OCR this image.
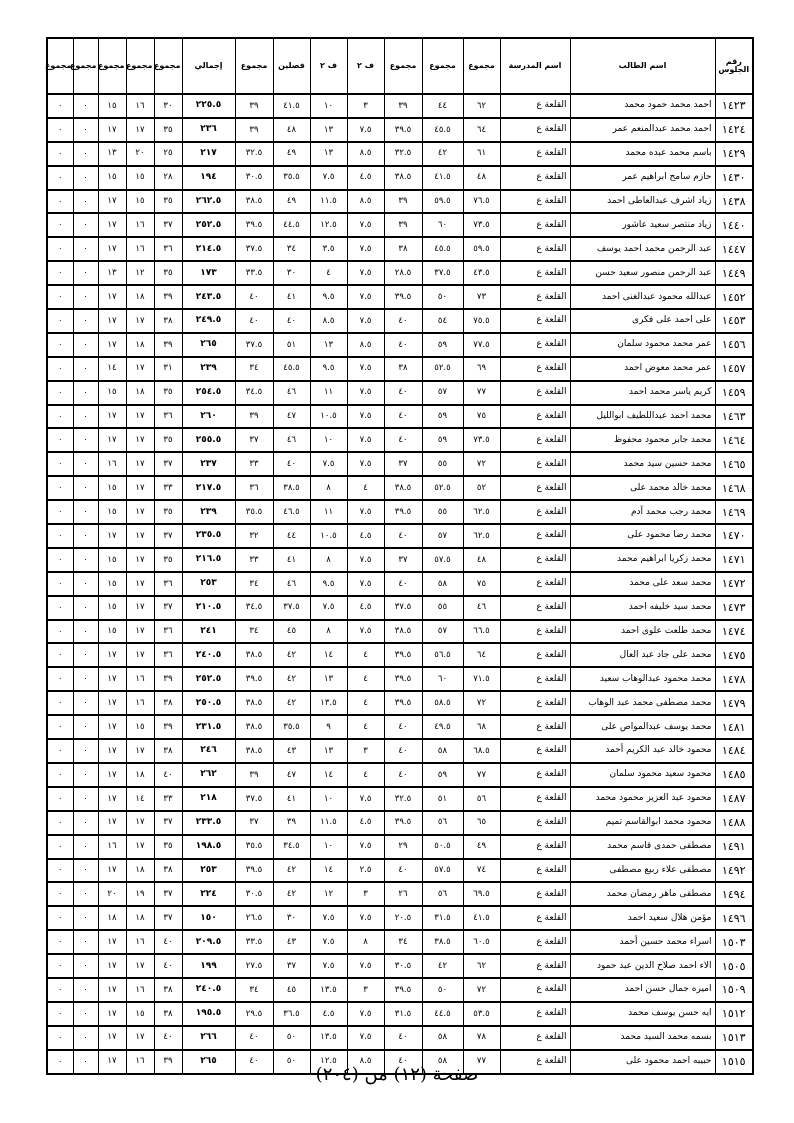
رقم الجلوس	اسم الطالب	اسم المدرسة	مجموع	مجموع	مجموع	ف ٢	ف ٢	فصلين	مجموع	إجمالي	مجموع	مجموع	مجموع	مجموع	مجموع
١٤٢٣	احمد محمد حمود محمد	القلعة ع	٦٢	٤٤	٣٩	٣	١٠	٤١.٥	٣٩	٢٢٥.٥	٣٠	١٦	١٥	٠	٠
١٤٢٤	احمد محمد عبدالمنعم عمر	القلعة ع	٦٤	٤٥.٥	٣٩.٥	٧.٥	١٣	٤٨	٣٩	٢٣٦	٣٥	١٧	١٧	٠	٠
١٤٢٩	باسم محمد عبده محمد	القلعة ع	٦١	٤٢	٣٢.٥	٨.٥	١٣	٤٩	٣٢.٥	٢١٧	٢٥	٢٠	١٣	٠	٠
١٤٣٠	حازم سامح ابراهيم عمر	القلعة ع	٤٨	٤١.٥	٣٨.٥	٤.٥	٧.٥	٣٥.٥	٣٠.٥	١٩٤	٢٨	١٥	١٥	٠	٠
١٤٣٨	زياد اشرف عبدالعاطى احمد	القلعة ع	٧٦.٥	٥٩.٥	٣٩	٨.٥	١١.٥	٤٩	٣٨.٥	٢٦٢.٥	٣٥	١٥	١٧	٠	٠
١٤٤٠	زياد منتصر سعيد عاشور	القلعة ع	٧٣.٥	٦٠	٣٩	٧.٥	١٢.٥	٤٤.٥	٣٩.٥	٢٥٢.٥	٣٧	١٦	١٧	٠	٠
١٤٤٧	عبد الرحمن محمد احمد يوسف	القلعة ع	٥٩.٥	٤٥.٥	٣٨	٧.٥	٣.٥	٣٤	٣٧.٥	٢١٤.٥	٣٦	١٦	١٧	٠	٠
١٤٤٩	عبد الرحمن منصور سعيد حسن	القلعة ع	٤٣.٥	٣٧.٥	٢٨.٥	٧.٥	٤	٣٠	٣٣.٥	١٧٣	٣٥	١٢	١٣	٠	٠
١٤٥٢	عبدالله محمود عبدالغنى احمد	القلعة ع	٧٣	٥٠	٣٩.٥	٧.٥	٩.٥	٤١	٤٠	٢٤٣.٥	٣٩	١٨	١٧	٠	٠
١٤٥٣	على احمد على فكرى	القلعة ع	٧٥.٥	٥٤	٤٠	٧.٥	٨.٥	٤٠	٤٠	٢٤٩.٥	٣٨	١٧	١٧	٠	٠
١٤٥٦	عمر محمد محمود سلمان	القلعة ع	٧٧.٥	٥٩	٤٠	٨.٥	١٣	٥١	٣٧.٥	٢٦٥	٣٩	١٨	١٧	٠	٠
١٤٥٧	عمر محمد معوض احمد	القلعة ع	٦٩	٥٢.٥	٣٨	٧.٥	٩.٥	٤٥.٥	٣٤	٢٣٩	٣١	١٧	١٤	٠	٠
١٤٥٩	كريم ياسر محمد احمد	القلعة ع	٧٧	٥٧	٤٠	٧.٥	١١	٤٦	٣٤.٥	٢٥٤.٥	٣٥	١٨	١٥	٠	٠
١٤٦٣	محمد احمد عبداللطيف ابوالليل	القلعة ع	٧٥	٥٩	٤٠	٧.٥	١٠.٥	٤٧	٣٩	٢٦٠	٣٦	١٧	١٧	٠	٠
١٤٦٤	محمد جابر محمود محفوظ	القلعة ع	٧٣.٥	٥٩	٤٠	٧.٥	١٠	٤٦	٣٧	٢٥٥.٥	٣٥	١٧	١٧	٠	٠
١٤٦٥	محمد حسين سيد محمد	القلعة ع	٧٢	٥٥	٣٧	٧.٥	٧.٥	٤٠	٣٣	٢٣٧	٣٧	١٧	١٦	٠	٠
١٤٦٨	محمد خالد محمد على	القلعة ع	٥٢	٥٢.٥	٣٨.٥	٤	٨	٣٨.٥	٣٦	٢١٧.٥	٣٣	١٧	١٥	٠	٠
١٤٦٩	محمد رجب محمد آدم	القلعة ع	٦٢.٥	٥٥	٣٩.٥	٧.٥	١١	٤٦.٥	٣٥.٥	٢٣٩	٣٥	١٧	١٥	٠	٠
١٤٧٠	محمد رضا محمود على	القلعة ع	٦٢.٥	٥٧	٤٠	٤.٥	١٠.٥	٤٤	٣٢	٢٣٥.٥	٣٧	١٧	١٧	٠	٠
١٤٧١	محمد زكريا ابراهيم محمد	القلعة ع	٤٨	٥٧.٥	٣٧	٧.٥	٨	٤١	٣٣	٢١٦.٥	٣٥	١٧	١٥	٠	٠
١٤٧٢	محمد سعد على محمد	القلعة ع	٧٥	٥٨	٤٠	٧.٥	٩.٥	٤٦	٣٤	٢٥٣	٣٦	١٧	١٥	٠	٠
١٤٧٣	محمد سيد خليفه احمد	القلعة ع	٤٦	٥٥	٣٧.٥	٤.٥	٧.٥	٣٧.٥	٣٤.٥	٢١٠.٥	٣٧	١٧	١٥	٠	٠
١٤٧٤	محمد طلعت علوى احمد	القلعة ع	٦٦.٥	٥٧	٣٨.٥	٧.٥	٨	٤٥	٣٤	٢٤١	٣٦	١٧	١٥	٠	٠
١٤٧٥	محمد على جاد عبد العال	القلعة ع	٦٤	٥٦.٥	٣٩.٥	٤	١٤	٤٢	٣٨.٥	٢٤٠.٥	٣٦	١٧	١٧	٠	٠
١٤٧٨	محمد محمود عبدالوهاب سعيد	القلعة ع	٧١.٥	٦٠	٣٩.٥	٤	١٣	٤٢	٣٩.٥	٢٥٢.٥	٣٩	١٦	١٧	٠	٠
١٤٧٩	محمد مصطفى محمد عبد الوهاب	القلعة ع	٧٢	٥٨.٥	٣٩.٥	٤	١٣.٥	٤٢	٣٨.٥	٢٥٠.٥	٣٨	١٦	١٧	٠	٠
١٤٨١	محمد يوسف عبدالمواص على	القلعة ع	٦٨	٤٩.٥	٤٠	٤	٩	٣٥.٥	٣٨.٥	٢٣١.٥	٣٩	١٥	١٧	٠	٠
١٤٨٤	محمود خالد عبد الكريم أحمد	القلعة ع	٦٨.٥	٥٨	٤٠	٣	١٣	٤٣	٣٨.٥	٢٤٦	٣٨	١٧	١٧	٠	٠
١٤٨٥	محمود سعيد محمود سلمان	القلعة ع	٧٧	٥٩	٤٠	٤	١٤	٤٧	٣٩	٢٦٢	٤٠	١٨	١٧	٠	٠
١٤٨٧	محمود عبد العزيز محمود محمد	القلعة ع	٥٦	٥١	٣٢.٥	٧.٥	١٠	٤١	٣٧.٥	٢١٨	٣٣	١٤	١٧	٠	٠
١٤٨٨	محمود محمد ابوالقاسم تميم	القلعة ع	٦٥	٥٦	٣٩.٥	٤.٥	١١.٥	٣٩	٣٧	٢٣٣.٥	٣٧	١٧	١٧	٠	٠
١٤٩١	مصطفى حمدى قاسم محمد	القلعة ع	٤٩	٥٠.٥	٢٩	٧.٥	١٠	٣٤.٥	٣٥.٥	١٩٨.٥	٣٥	١٧	١٦	٠	٠
١٤٩٢	مصطفى علاء ربيع مصطفى	القلعة ع	٧٤	٥٧.٥	٤٠	٢.٥	١٤	٤٢	٣٩.٥	٢٥٣	٣٨	١٨	١٧	٠	٠
١٤٩٤	مصطفى ماهر رمضان محمد	القلعة ع	٦٩.٥	٥٦	٢٦	٣	١٢	٤٢	٣٠.٥	٢٢٤	٣٧	١٩	٢٠	٠	٠
١٤٩٦	مؤمن هلال سعيد احمد	القلعة ع	٤١.٥	٣١.٥	٢٠.٥	٧.٥	٧.٥	٣٠	٢٦.٥	١٥٠	٣٧	١٨	١٨	٠	٠
١٥٠٣	اسراء محمد حسين أحمد	القلعة ع	٦٠.٥	٣٨.٥	٣٤	٨	٧.٥	٤٣	٣٣.٥	٢٠٩.٥	٤٠	١٦	١٧	٠	٠
١٥٠٥	الاء احمد صلاح الدين عبد حمود	القلعة ع	٦٢	٤٢	٣٠.٥	٧.٥	٧.٥	٣٧	٢٧.٥	١٩٩	٤٠	١٧	١٧	٠	٠
١٥٠٩	اميره جمال حسن احمد	القلعة ع	٧٢	٥٠	٣٩.٥	٣	١٣.٥	٤٥	٣٤	٢٤٠.٥	٣٨	١٦	١٧	٠	٠
١٥١٢	ايه حسن يوسف محمد	القلعة ع	٥٣.٥	٤٤.٥	٣١.٥	٧.٥	٤.٥	٣٦.٥	٢٩.٥	١٩٥.٥	٣٨	١٥	١٧	٠	٠
١٥١٣	بسمه محمد السيد محمد	القلعة ع	٧٨	٥٨	٤٠	٧.٥	١٣.٥	٥٠	٤٠	٢٦٦	٤٠	١٧	١٧	٠	٠
١٥١٥	حبيبه احمد محمود على	القلعة ع	٧٧	٥٨	٤٠	٨.٥	١٢.٥	٥٠	٤٠	٢٦٥	٣٩	١٦	١٧	٠	٠
صفحة (١٢) من (٢٠٤)
